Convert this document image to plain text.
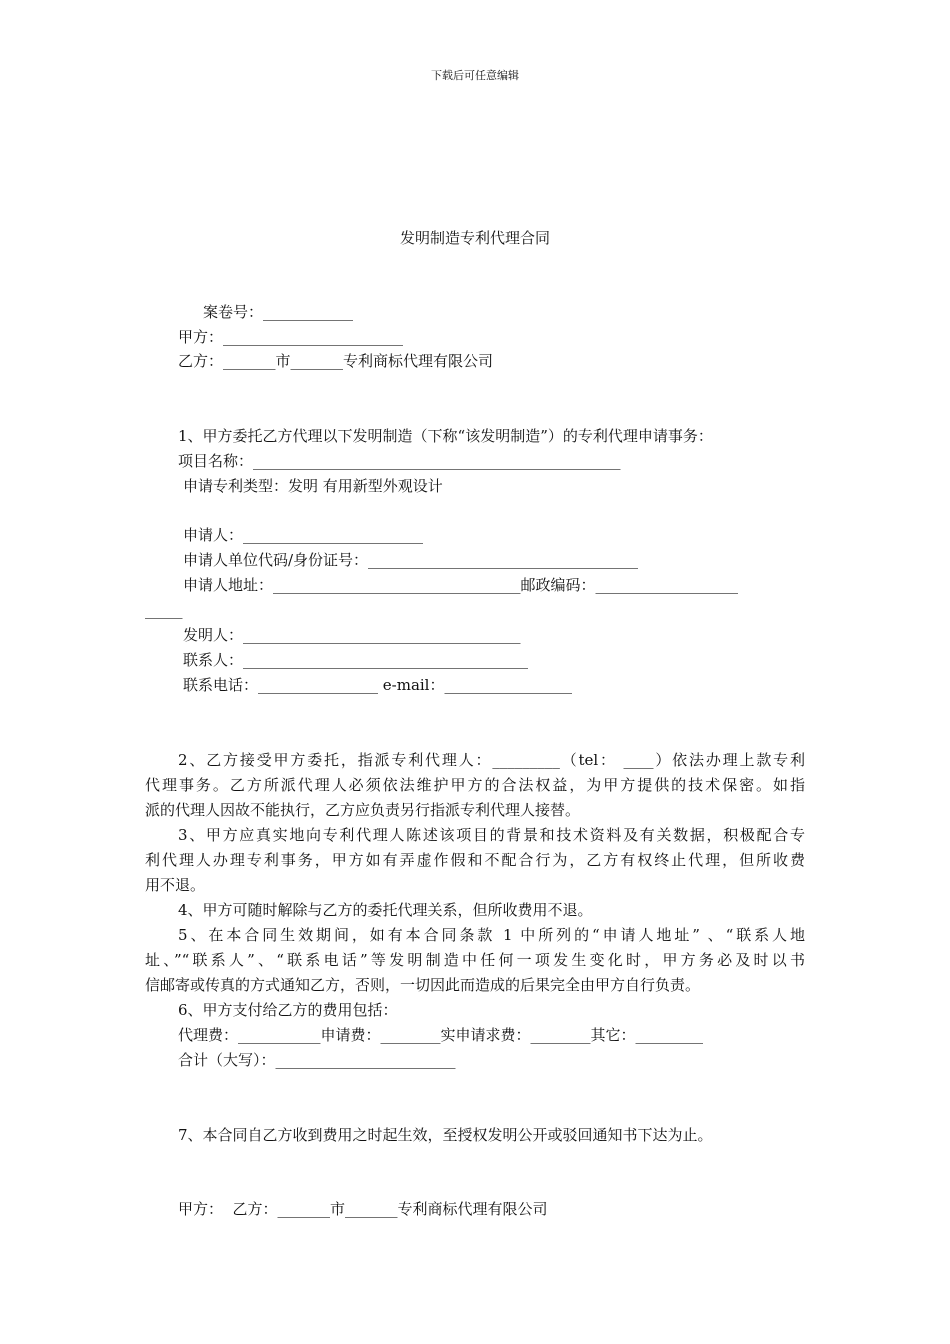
下载后可任意编辑
发明制造专利代理合同
案卷号：____________
甲方：________________________
乙方：_______市_______专利商标代理有限公司
1、甲方委托乙方代理以下发明制造（下称“该发明制造”）的专利代理申请事务：
项目名称：_________________________________________________
申请专利类型：发明 有用新型外观设计
申请人：________________________
申请人单位代码/身份证号：____________________________________
申请人地址：_________________________________邮政编码：___________________
_____
发明人：_____________________________________
联系人：______________________________________
联系电话：________________ e-mail：_________________
2、乙方接受甲方委托，指派专利代理人：_________（tel： ____）依法办理上款专利
代理事务。乙方所派代理人必须依法维护甲方的合法权益，为甲方提供的技术保密。如指
派的代理人因故不能执行，乙方应负责另行指派专利代理人接替。
3、甲方应真实地向专利代理人陈述该项目的背景和技术资料及有关数据，积极配合专
利代理人办理专利事务，甲方如有弄虚作假和不配合行为，乙方有权终止代理，但所收费
用不退。
4、甲方可随时解除与乙方的委托代理关系，但所收费用不退。
5、在本合同生效期间，如有本合同条款 1 中所列的“申请人地址” 、“联系人地
址、”“联系人”、“联系电话”等发明制造中任何一项发生变化时，甲方务必及时以书
信邮寄或传真的方式通知乙方，否则，一切因此而造成的后果完全由甲方自行负责。
6、甲方支付给乙方的费用包括：
代理费：___________申请费：________实申请求费：________其它：_________
合计（大写）：________________________
7、本合同自乙方收到费用之时起生效，至授权发明公开或驳回通知书下达为止。
甲方：  乙方：_______市_______专利商标代理有限公司
